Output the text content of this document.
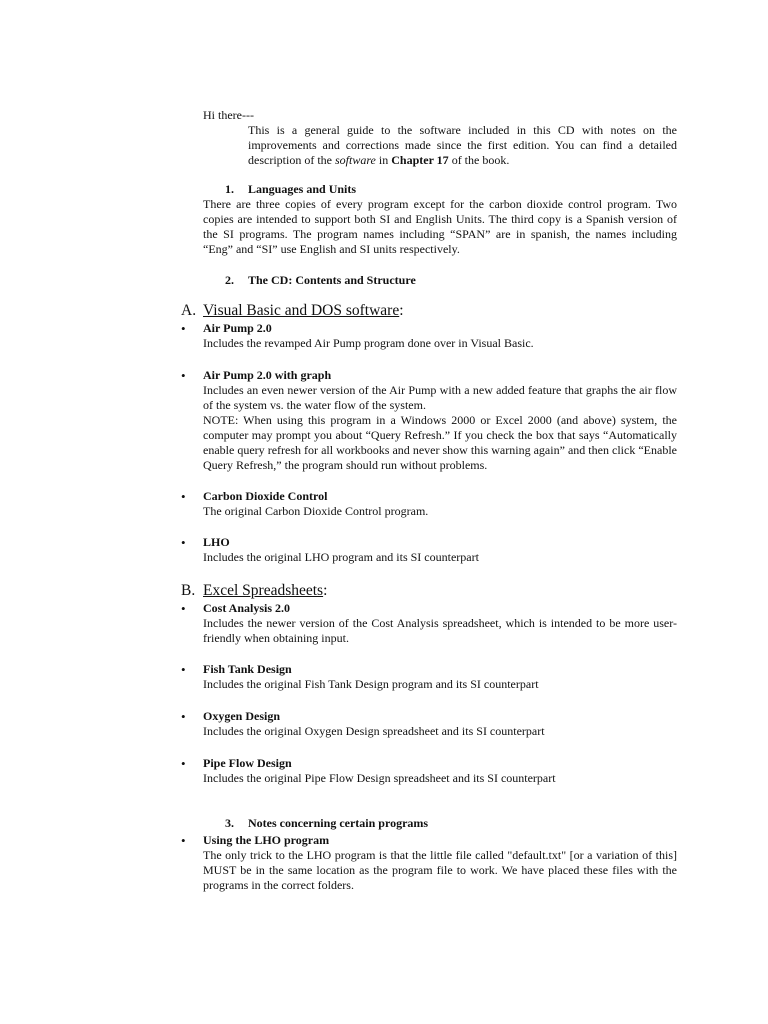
Hi there---
This is a general guide to the software included in this CD with notes on the improvements and corrections made since the first edition. You can find a detailed description of the software in Chapter 17 of the book.
1. Languages and Units
There are three copies of every program except for the carbon dioxide control program. Two copies are intended to support both SI and English Units. The third copy is a Spanish version of the SI programs. The program names including “SPAN” are in spanish, the names including “Eng” and “SI” use English and SI units respectively.
2. The CD: Contents and Structure
A. Visual Basic and DOS software:
• Air Pump 2.0
Includes the revamped Air Pump program done over in Visual Basic.
• Air Pump 2.0 with graph

Includes an even newer version of the Air Pump with a new added feature that graphs the air flow of the system vs. the water flow of the system.

NOTE: When using this program in a Windows 2000 or Excel 2000 (and above) system, the computer may prompt you about “Query Refresh.” If you check the box that says “Automatically enable query refresh for all workbooks and never show this warning again” and then click “Enable Query Refresh,” the program should run without problems.

• Carbon Dioxide Control
The original Carbon Dioxide Control program.
• LHO
Includes the original LHO program and its SI counterpart
B. Excel Spreadsheets:
• Cost Analysis 2.0
Includes the newer version of the Cost Analysis spreadsheet, which is intended to be more user-friendly when obtaining input.
• Fish Tank Design
Includes the original Fish Tank Design program and its SI counterpart
• Oxygen Design
Includes the original Oxygen Design spreadsheet and its SI counterpart
• Pipe Flow Design
Includes the original Pipe Flow Design spreadsheet and its SI counterpart
3. Notes concerning certain programs
• Using the LHO program
The only trick to the LHO program is that the little file called "default.txt" [or a variation of this] MUST be in the same location as the program file to work. We have placed these files with the programs in the correct folders.
